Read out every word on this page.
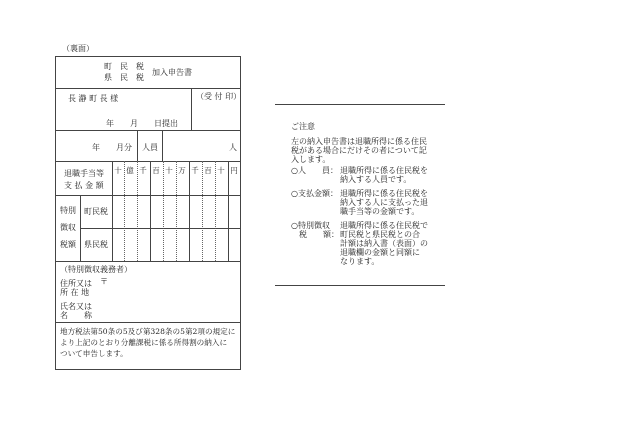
（裏面）
町　民　税
県　民　税
加入申告書
長 瀞 町 長 様
年　　月　　日提出
（受 付 印）
年　　月分 人員	人
退職手当等
支 払 金 額
十 億 千 百 十 万 千 百 十 円
特別
徴収
税額
町民税
県民税
（特別徴収義務者）
住所又は 〒
所 在 地
氏名又は
名　　称
地方税法第50条の5及び第328条の5第2項の規定に
より上記のとおり分離課税に係る所得割の納入に
ついて申告します。
ご注意
左の納入申告書は退職所得に係る住民
税がある場合にだけその者について記
入します。
○人　　員： 退職所得に係る住民税を
納入する人員です。
○支払金額： 退職所得に係る住民税を
納入する人に支払った退
職手当等の金額です。
○特別徴収
　税　　額：
退職所得に係る住民税で
町民税と県民税との合
計額は納入書（表面）の
退職欄の金額と同額に
なります。
